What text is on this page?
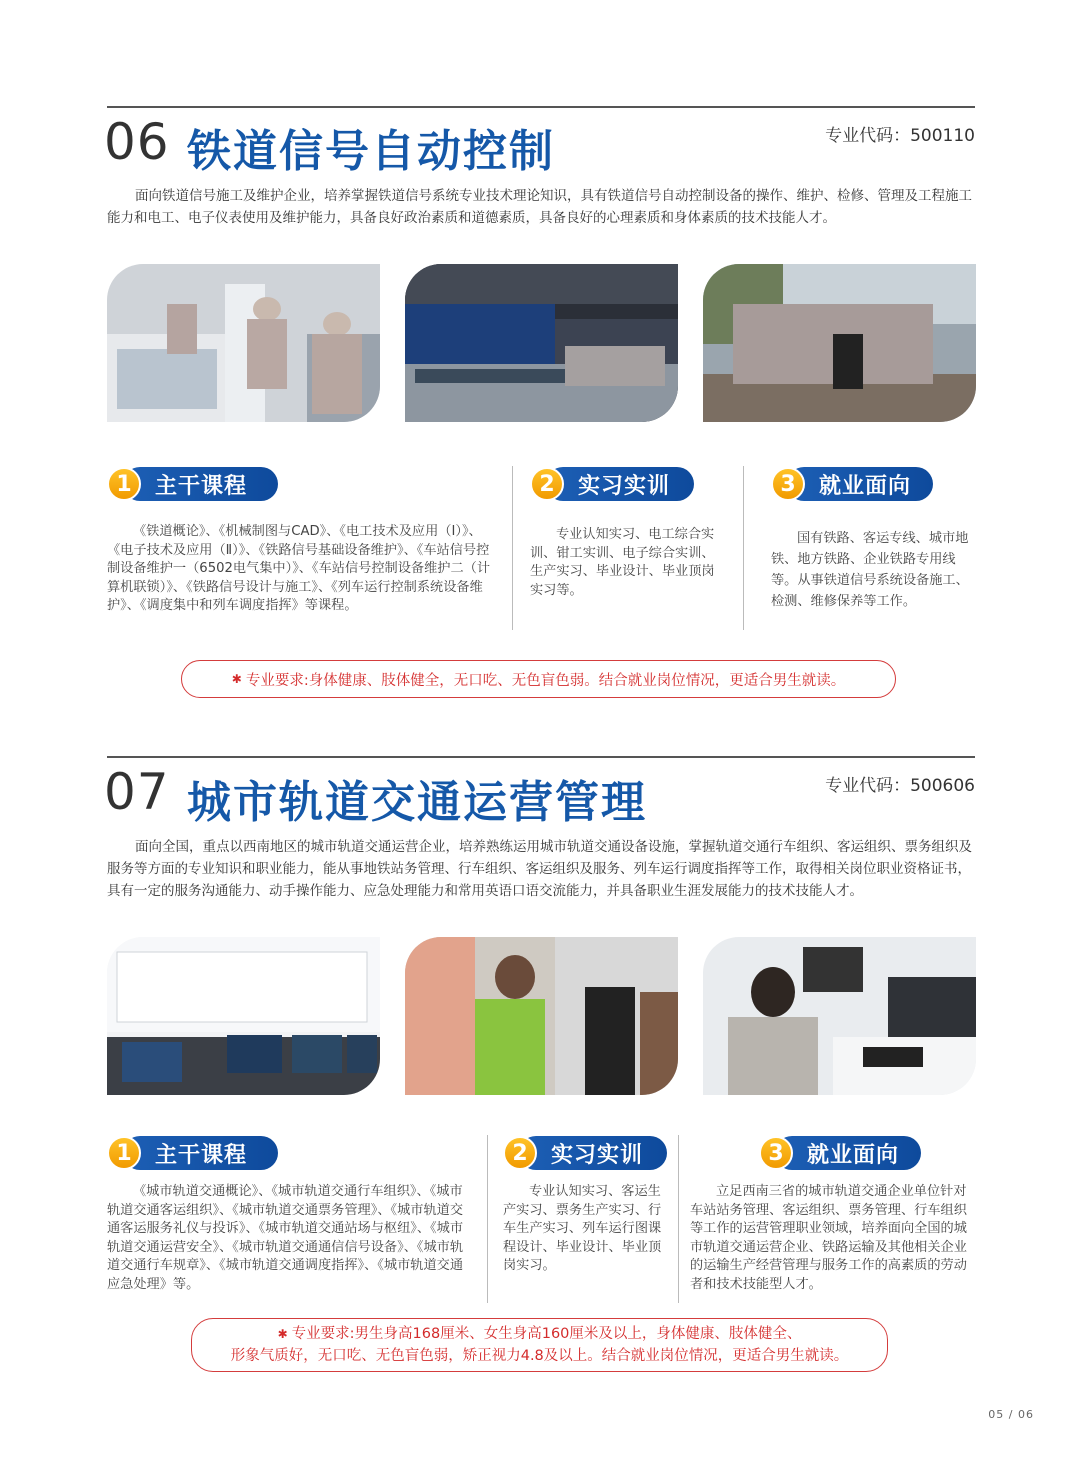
06 铁道信号自动控制	专业代码：500110
面向铁道信号施工及维护企业，培养掌握铁道信号系统专业技术理论知识，具有铁道信号自动控制设备的操作、维护、检修、管理及工程施工能力和电工、电子仪表使用及维护能力，具备良好政治素质和道德素质，具备良好的心理素质和身体素质的技术技能人才。
1	主干课程	2	实习实训	3	就业面向
《铁道概论》、《机械制图与CAD》、《电工技术及应用（Ⅰ）》、《电子技术及应用（Ⅱ）》、《铁路信号基础设备维护》、《车站信号控制设备维护一（6502电气集中）》、《车站信号控制设备维护二（计算机联锁）》、《铁路信号设计与施工》、《列车运行控制系统设备维护》、《调度集中和列车调度指挥》等课程。
专业认知实习、电工综合实训、钳工实训、电子综合实训、生产实习、毕业设计、毕业顶岗实习等。
国有铁路、客运专线、城市地铁、地方铁路、企业铁路专用线等。从事铁道信号系统设备施工、检测、维修保养等工作。
✱ 专业要求:身体健康、肢体健全，无口吃、无色盲色弱。结合就业岗位情况，更适合男生就读。
07 城市轨道交通运营管理	专业代码：500606
面向全国，重点以西南地区的城市轨道交通运营企业，培养熟练运用城市轨道交通设备设施，掌握轨道交通行车组织、客运组织、票务组织及服务等方面的专业知识和职业能力，能从事地铁站务管理、行车组织、客运组织及服务、列车运行调度指挥等工作，取得相关岗位职业资格证书，具有一定的服务沟通能力、动手操作能力、应急处理能力和常用英语口语交流能力，并具备职业生涯发展能力的技术技能人才。
1	主干课程	2	实习实训	3	就业面向
《城市轨道交通概论》、《城市轨道交通行车组织》、《城市轨道交通客运组织》、《城市轨道交通票务管理》、《城市轨道交通客运服务礼仪与投诉》、《城市轨道交通站场与枢纽》、《城市轨道交通运营安全》、《城市轨道交通通信信号设备》、《城市轨道交通行车规章》、《城市轨道交通调度指挥》、《城市轨道交通应急处理》等。
专业认知实习、客运生产实习、票务生产实习、行车生产实习、列车运行图课程设计、毕业设计、毕业顶岗实习。
立足西南三省的城市轨道交通企业单位针对车站站务管理、客运组织、票务管理、行车组织等工作的运营管理职业领域，培养面向全国的城市轨道交通运营企业、铁路运输及其他相关企业的运输生产经营管理与服务工作的高素质的劳动者和技术技能型人才。
✱ 专业要求:男生身高168厘米、女生身高160厘米及以上，身体健康、肢体健全、
形象气质好，无口吃、无色盲色弱，矫正视力4.8及以上。结合就业岗位情况，更适合男生就读。
05 / 06
